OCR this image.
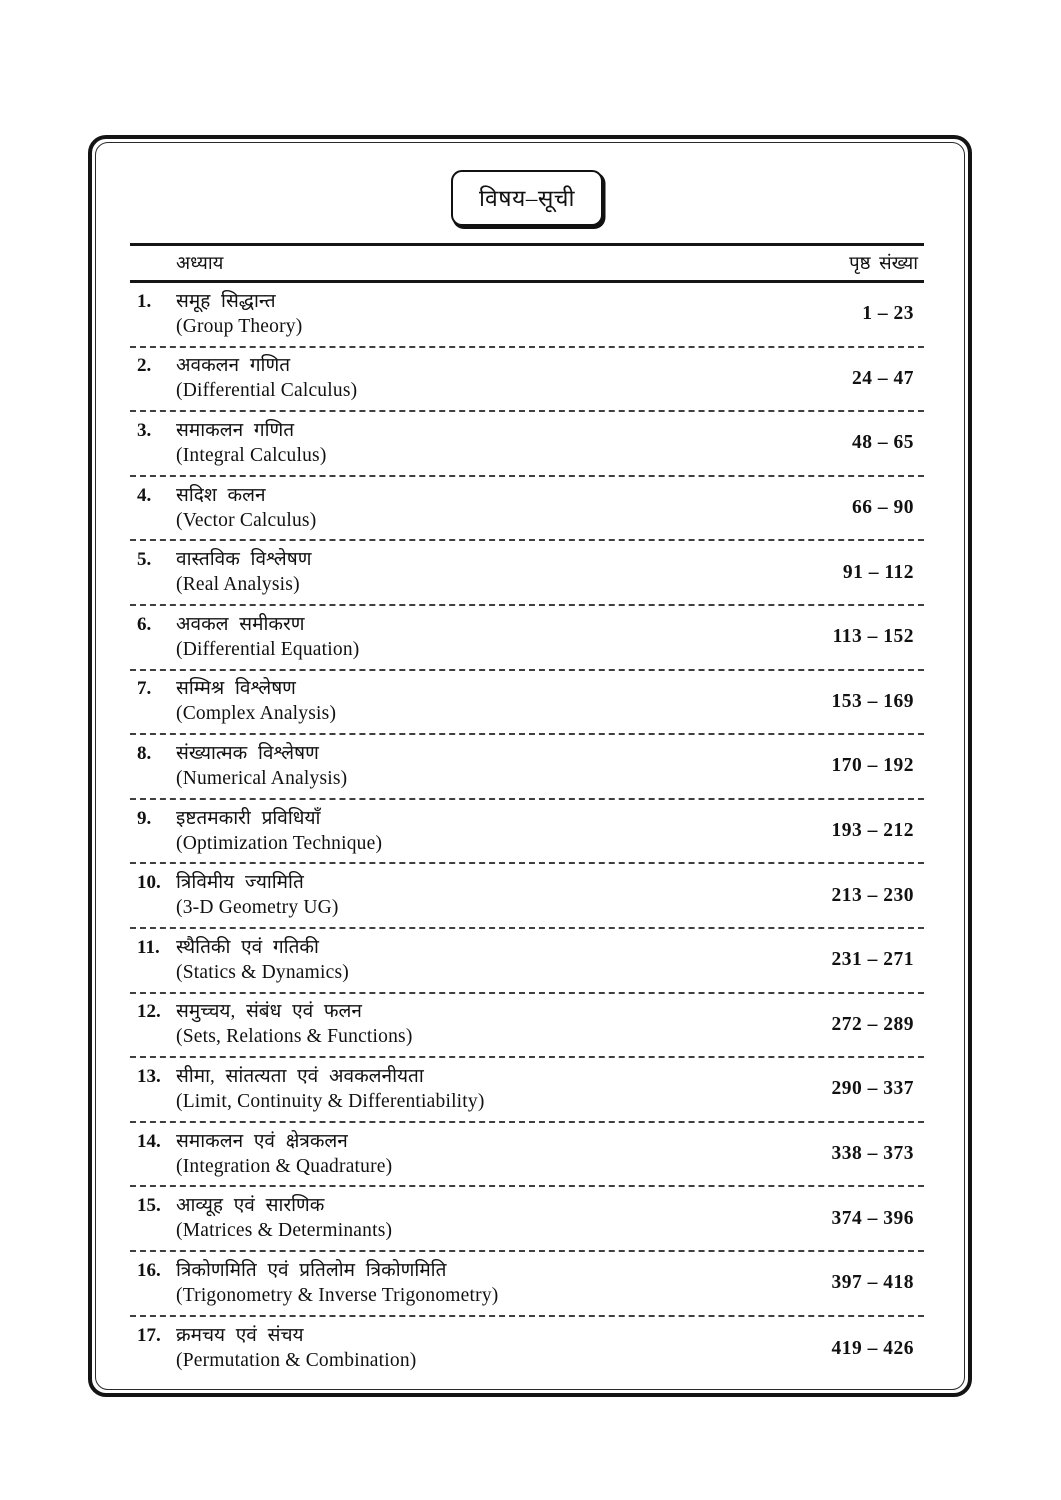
विषय–सूची
अध्याय	पृष्ठ संख्या
1. समूह सिद्धान्त
(Group Theory)
1 – 23
2. अवकलन गणित
(Differential Calculus)
24 – 47
3. समाकलन गणित
(Integral Calculus)
48 – 65
4. सदिश कलन
(Vector Calculus)
66 – 90
5. वास्तविक विश्लेषण
(Real Analysis)
91 – 112
6. अवकल समीकरण
(Differential Equation)
113 – 152
7. सम्मिश्र विश्लेषण
(Complex Analysis)
153 – 169
8. संख्यात्मक विश्लेषण
(Numerical Analysis)
170 – 192
9. इष्टतमकारी प्रविधियाँ
(Optimization Technique)
193 – 212
10. त्रिविमीय ज्यामिति
(3-D Geometry UG)
213 – 230
11. स्थैतिकी एवं गतिकी
(Statics & Dynamics)
231 – 271
12. समुच्चय, संबंध एवं फलन
(Sets, Relations & Functions)
272 – 289
13. सीमा, सांतत्यता एवं अवकलनीयता
(Limit, Continuity & Differentiability)
290 – 337
14. समाकलन एवं क्षेत्रकलन
(Integration & Quadrature)
338 – 373
15. आव्यूह एवं सारणिक
(Matrices & Determinants)
374 – 396
16. त्रिकोणमिति एवं प्रतिलोम त्रिकोणमिति
(Trigonometry & Inverse Trigonometry)
397 – 418
17. क्रमचय एवं संचय
(Permutation & Combination)
419 – 426
